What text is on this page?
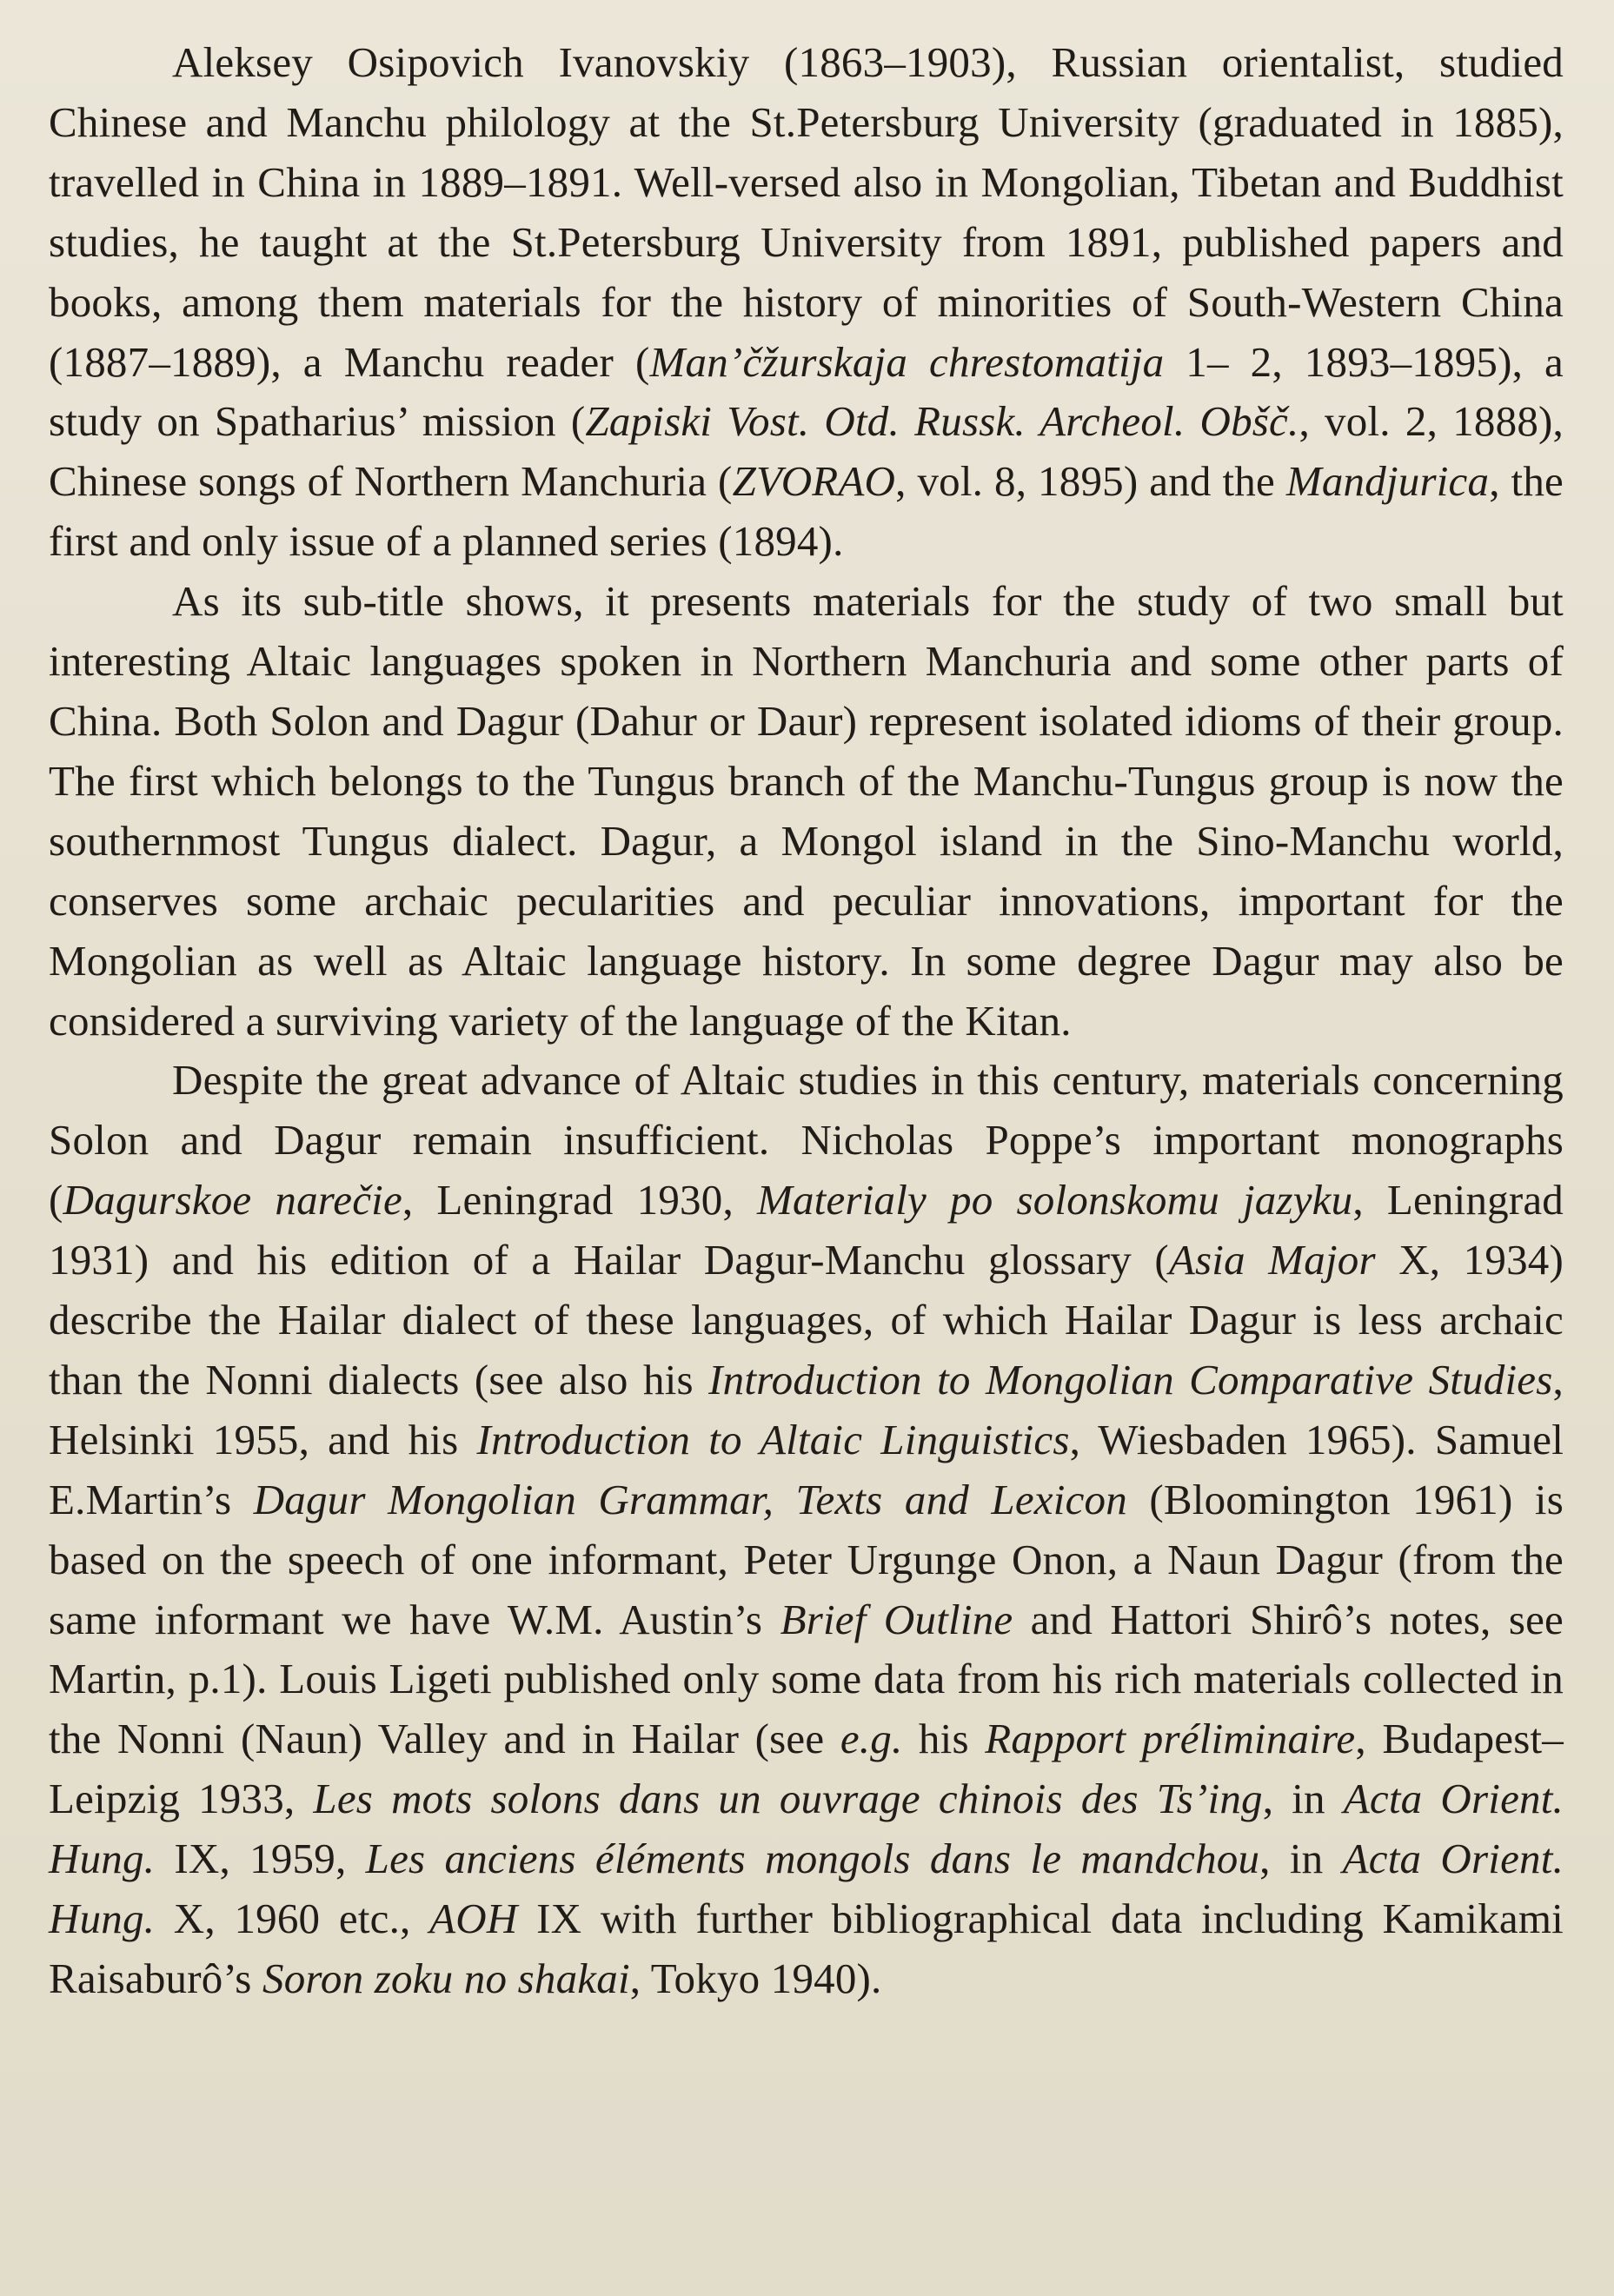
Aleksey Osipovich Ivanovskiy (1863–1903), Russian orientalist, studied Chinese and Manchu philology at the St.Petersburg University (graduated in 1885), travelled in China in 1889–1891. Well-versed also in Mongolian, Tibetan and Buddhist studies, he taught at the St.Petersburg University from 1891, published papers and books, among them materials for the history of minorities of South-Western China (1887–1889), a Manchu reader (Man’čžurskaja chrestomatija 1– 2, 1893–1895), a study on Spatharius’ mission (Zapiski Vost. Otd. Russk. Archeol. Obšč., vol. 2, 1888), Chinese songs of Northern Manchuria (ZVORAO, vol. 8, 1895) and the Mandjurica, the first and only issue of a planned series (1894).

As its sub-title shows, it presents materials for the study of two small but interesting Altaic languages spoken in Northern Manchuria and some other parts of China. Both Solon and Dagur (Dahur or Daur) represent isolated idioms of their group. The first which belongs to the Tungus branch of the Manchu-Tungus group is now the southernmost Tungus dialect. Dagur, a Mongol island in the Sino-Manchu world, conserves some archaic pecularities and peculiar innovations, important for the Mongolian as well as Altaic language history. In some degree Dagur may also be considered a surviving variety of the language of the Kitan.

Despite the great advance of Altaic studies in this century, materials concerning Solon and Dagur remain insufficient. Nicholas Poppe’s important monographs (Dagurskoe narečie, Leningrad 1930, Materialy po solonskomu jazyku, Leningrad 1931) and his edition of a Hailar Dagur-Manchu glossary (Asia Major X, 1934) describe the Hailar dialect of these languages, of which Hailar Dagur is less archaic than the Nonni dialects (see also his Introduction to Mongolian Comparative Studies, Helsinki 1955, and his Introduction to Altaic Linguistics, Wiesbaden 1965). Samuel E.Martin’s Dagur Mongolian Grammar, Texts and Lexicon (Bloomington 1961) is based on the speech of one informant, Peter Urgunge Onon, a Naun Dagur (from the same informant we have W.M. Austin’s Brief Outline and Hattori Shirô’s notes, see Martin, p.1). Louis Ligeti published only some data from his rich materials collected in the Nonni (Naun) Valley and in Hailar (see e.g. his Rapport préliminaire, Budapest–Leipzig 1933, Les mots solons dans un ouvrage chinois des Ts’ing, in Acta Orient. Hung. IX, 1959, Les anciens éléments mongols dans le mandchou, in Acta Orient. Hung. X, 1960 etc., AOH IX with further bibliographical data including Kamikami Raisaburô’s Soron zoku no shakai, Tokyo 1940).
